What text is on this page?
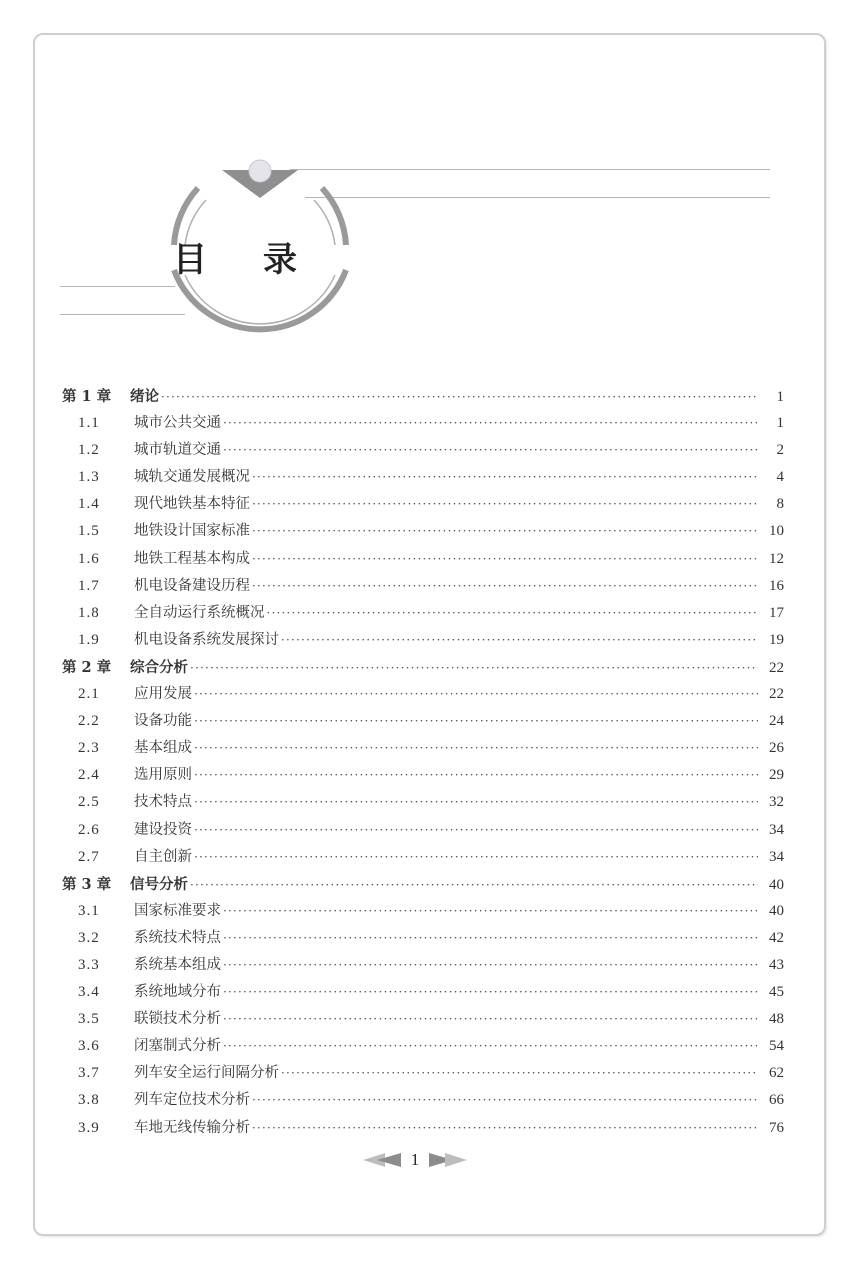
目 录
第 1 章	绪论 ·····	1
1.1	城市公共交通 ·····	1
1.2	城市轨道交通 ·····	2
1.3	城轨交通发展概况 ·····	4
1.4	现代地铁基本特征 ·····	8
1.5	地铁设计国家标准 ·····	10
1.6	地铁工程基本构成 ·····	12
1.7	机电设备建设历程 ·····	16
1.8	全自动运行系统概况 ·····	17
1.9	机电设备系统发展探讨 ·····	19
第 2 章	综合分析 ·····	22
2.1	应用发展 ·····	22
2.2	设备功能 ·····	24
2.3	基本组成 ·····	26
2.4	选用原则 ·····	29
2.5	技术特点 ·····	32
2.6	建设投资 ·····	34
2.7	自主创新 ·····	34
第 3 章	信号分析 ·····	40
3.1	国家标准要求 ·····	40
3.2	系统技术特点 ·····	42
3.3	系统基本组成 ·····	43
3.4	系统地域分布 ·····	45
3.5	联锁技术分析 ·····	48
3.6	闭塞制式分析 ·····	54
3.7	列车安全运行间隔分析 ·····	62
3.8	列车定位技术分析 ·····	66
3.9	车地无线传输分析 ·····	76
1
